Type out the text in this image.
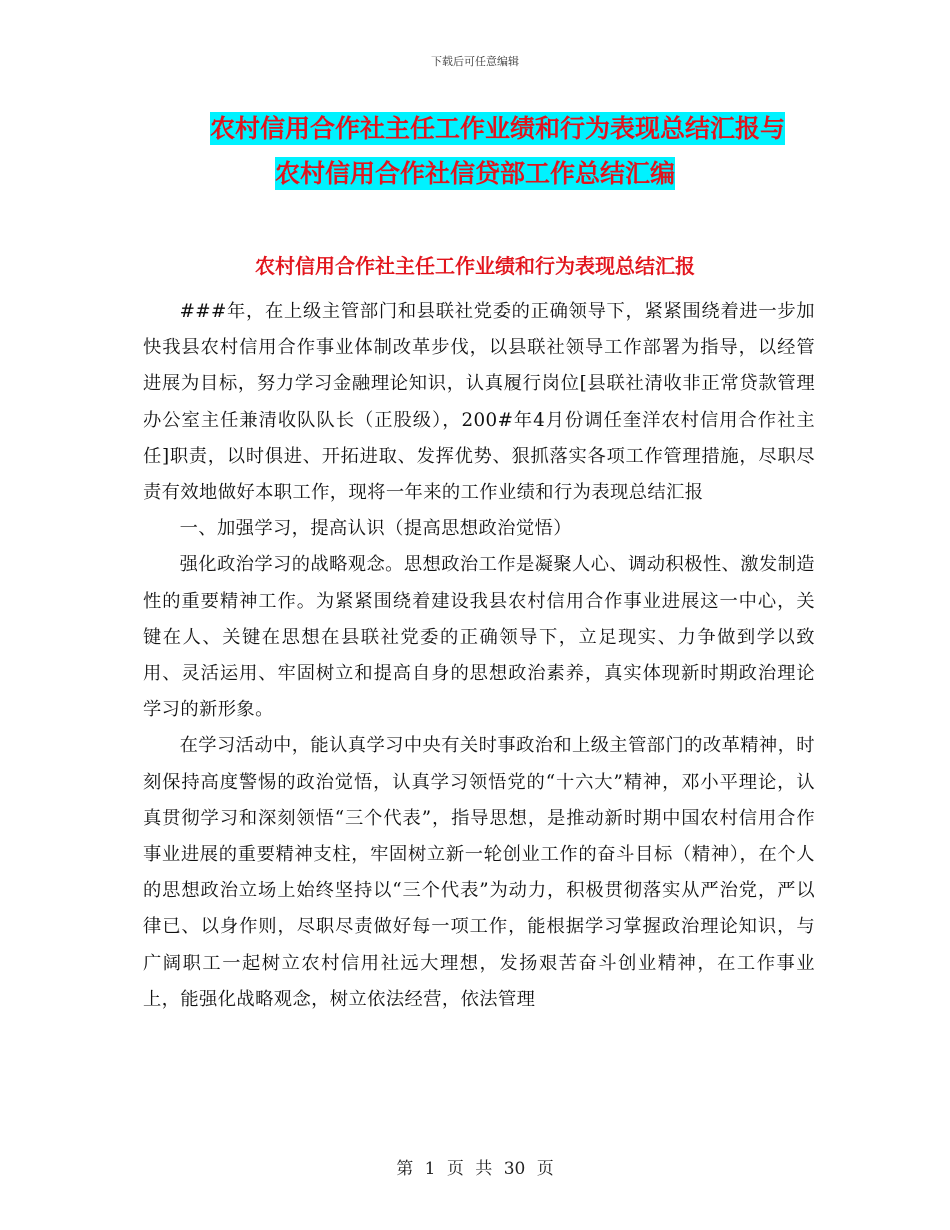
下载后可任意编辑
农村信用合作社主任工作业绩和行为表现总结汇报与
农村信用合作社信贷部工作总结汇编
农村信用合作社主任工作业绩和行为表现总结汇报

###年，在上级主管部门和县联社党委的正确领导下，紧紧围绕着进一步加快我县农村信用合作事业体制改革步伐，以县联社领导工作部署为指导，以经管进展为目标，努力学习金融理论知识，认真履行岗位[县联社清收非正常贷款管理办公室主任兼清收队队长（正股级），200#年4月份调任奎洋农村信用合作社主任]职责，以时俱进、开拓进取、发挥优势、狠抓落实各项工作管理措施，尽职尽责有效地做好本职工作，现将一年来的工作业绩和行为表现总结汇报

一、加强学习，提高认识（提高思想政治觉悟）

强化政治学习的战略观念。思想政治工作是凝聚人心、调动积极性、激发制造性的重要精神工作。为紧紧围绕着建设我县农村信用合作事业进展这一中心，关键在人、关键在思想在县联社党委的正确领导下，立足现实、力争做到学以致用、灵活运用、牢固树立和提高自身的思想政治素养，真实体现新时期政治理论学习的新形象。

在学习活动中，能认真学习中央有关时事政治和上级主管部门的改革精神，时刻保持高度警惕的政治觉悟，认真学习领悟党的“十六大”精神，邓小平理论，认真贯彻学习和深刻领悟“三个代表”，指导思想，是推动新时期中国农村信用合作事业进展的重要精神支柱，牢固树立新一轮创业工作的奋斗目标（精神），在个人的思想政治立场上始终坚持以“三个代表”为动力，积极贯彻落实从严治党，严以律已、以身作则，尽职尽责做好每一项工作，能根据学习掌握政治理论知识，与广阔职工一起树立农村信用社远大理想，发扬艰苦奋斗创业精神，在工作事业上，能强化战略观念，树立依法经营，依法管理

第 1 页 共 30 页
